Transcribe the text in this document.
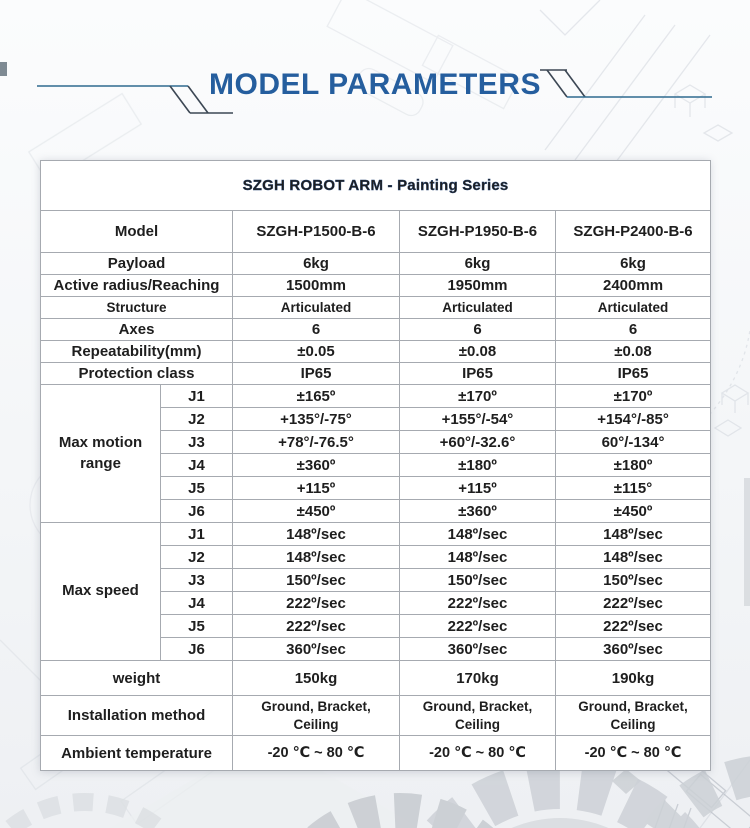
MODEL PARAMETERS
SZGH ROBOT ARM - Painting Series				
Model		SZGH-P1500-B-6	SZGH-P1950-B-6	SZGH-P2400-B-6
Payload		6kg	6kg	6kg
Active radius/Reaching		1500mm	1950mm	2400mm
Structure		Articulated	Articulated	Articulated
Axes		6	6	6
Repeatability(mm)		±0.05	±0.08	±0.08
Protection class		IP65	IP65	IP65
Max motion range	J1	±165º	±170º	±170º
	J2	+135°/-75°	+155°/-54°	+154°/-85°
	J3	+78°/-76.5°	+60°/-32.6°	60°/-134°
	J4	±360º	±180º	±180º
	J5	+115º	+115º	±115°
	J6	±450º	±360º	±450º
Max speed	J1	148º/sec	148º/sec	148º/sec
	J2	148º/sec	148º/sec	148º/sec
	J3	150º/sec	150º/sec	150º/sec
	J4	222º/sec	222º/sec	222º/sec
	J5	222º/sec	222º/sec	222º/sec
	J6	360º/sec	360º/sec	360º/sec
weight		150kg	170kg	190kg
Installation method		Ground, Bracket, Ceiling	Ground, Bracket, Ceiling	Ground, Bracket, Ceiling
Ambient temperature		-20 ℃ ~ 80 ℃	-20 ℃ ~ 80 ℃	-20 ℃ ~ 80 ℃
